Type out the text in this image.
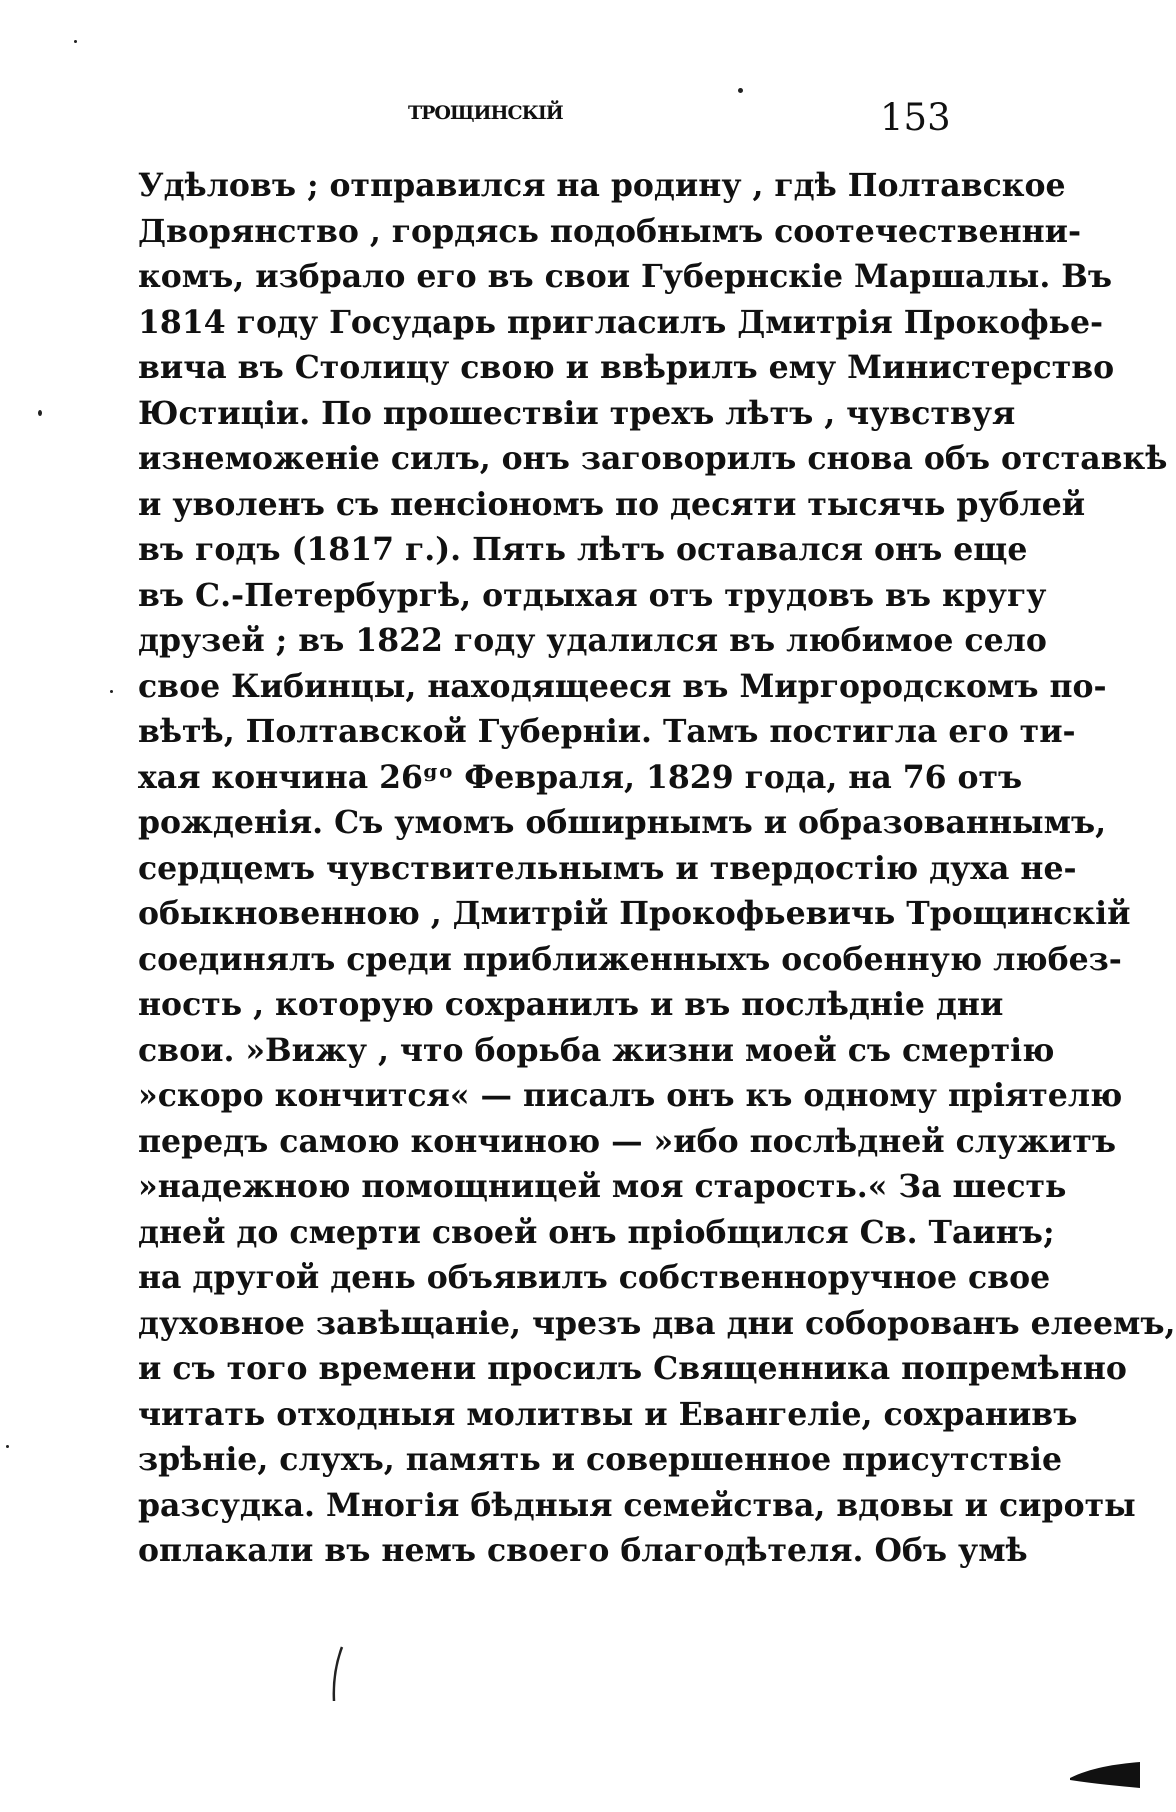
трощинскій	153
Удѣловъ ; отправился на родину , гдѣ Полтавское
Дворянство , гордясь подобнымъ соотечественни-
комъ, избрало его въ свои Губернскіе Маршалы. Въ
1814 году Государь пригласилъ Дмитрія Прокофье-
вича въ Столицу свою и ввѣрилъ ему Министерство
Юстиціи. По прошествіи трехъ лѣтъ , чувствуя
изнеможеніе силъ, онъ заговорилъ снова объ отставкѣ
и уволенъ съ пенсіономъ по десяти тысячь рублей
въ годъ (1817 г.). Пять лѣтъ оставался онъ еще
въ С.-Петербургѣ, отдыхая отъ трудовъ въ кругу
друзей ; въ 1822 году удалился въ любимое село
свое Кибинцы, находящееся въ Миргородскомъ по-
вѣтѣ, Полтавской Губерніи. Тамъ постигла его ти-
хая кончина 26ᵍᵒ Февраля, 1829 года, на 76 отъ
рожденія. Съ умомъ обширнымъ и образованнымъ,
сердцемъ чувствительнымъ и твердостію духа не-
обыкновенною , Дмитрій Прокофьевичь Трощинскій
соединялъ среди приближенныхъ особенную любез-
ность , которую сохранилъ и въ послѣдніе дни
свои. »Вижу , что борьба жизни моей съ смертію
»скоро кончится« — писалъ онъ къ одному пріятелю
передъ самою кончиною — »ибо послѣдней служитъ
»надежною помощницей моя старость.« За шесть
дней до смерти своей онъ пріобщился Св. Таинъ;
на другой день объявилъ собственноручное свое
духовное завѣщаніе, чрезъ два дни соборованъ елеемъ,
и съ того времени просилъ Священника попремѣнно
читать отходныя молитвы и Евангеліе, сохранивъ
зрѣніе, слухъ, память и совершенное присутствіе
разсудка. Многія бѣдныя семейства, вдовы и сироты
оплакали въ немъ своего благодѣтеля. Объ умѣ
